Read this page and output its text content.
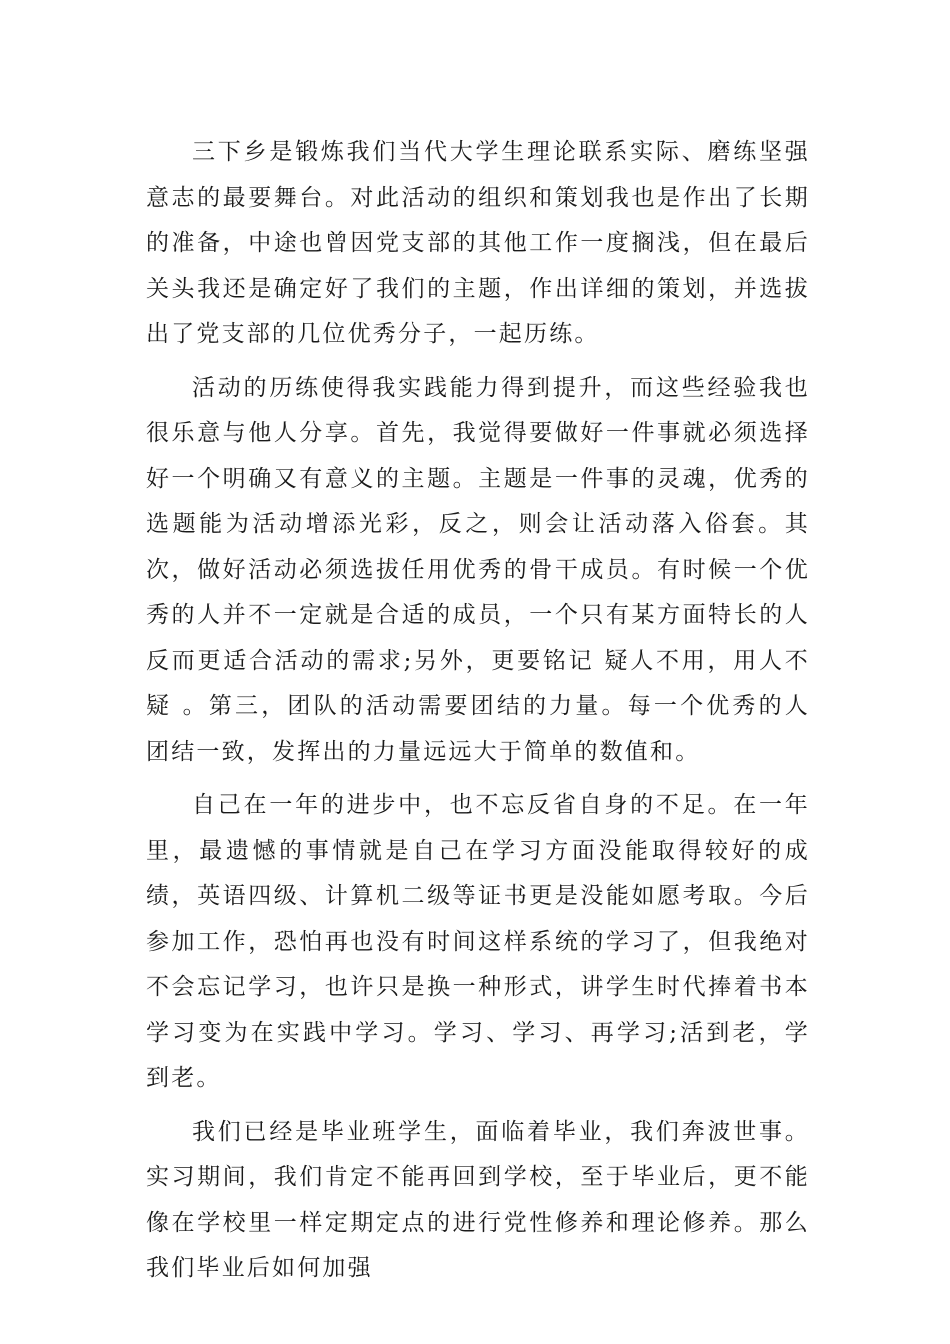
三下乡是锻炼我们当代大学生理论联系实际、磨练坚强意志的最要舞台。对此活动的组织和策划我也是作出了长期的准备，中途也曾因党支部的其他工作一度搁浅，但在最后关头我还是确定好了我们的主题，作出详细的策划，并选拔出了党支部的几位优秀分子，一起历练。

活动的历练使得我实践能力得到提升，而这些经验我也很乐意与他人分享。首先，我觉得要做好一件事就必须选择好一个明确又有意义的主题。主题是一件事的灵魂，优秀的选题能为活动增添光彩，反之，则会让活动落入俗套。其次，做好活动必须选拔任用优秀的骨干成员。有时候一个优秀的人并不一定就是合适的成员，一个只有某方面特长的人反而更适合活动的需求;另外，更要铭记 疑人不用，用人不疑 。第三，团队的活动需要团结的力量。每一个优秀的人团结一致，发挥出的力量远远大于简单的数值和。

自己在一年的进步中，也不忘反省自身的不足。在一年里，最遗憾的事情就是自己在学习方面没能取得较好的成绩，英语四级、计算机二级等证书更是没能如愿考取。今后参加工作，恐怕再也没有时间这样系统的学习了，但我绝对不会忘记学习，也许只是换一种形式，讲学生时代捧着书本学习变为在实践中学习。学习、学习、再学习;活到老，学到老。

我们已经是毕业班学生，面临着毕业，我们奔波世事。实习期间，我们肯定不能再回到学校，至于毕业后，更不能像在学校里一样定期定点的进行党性修养和理论修养。那么我们毕业后如何加强
